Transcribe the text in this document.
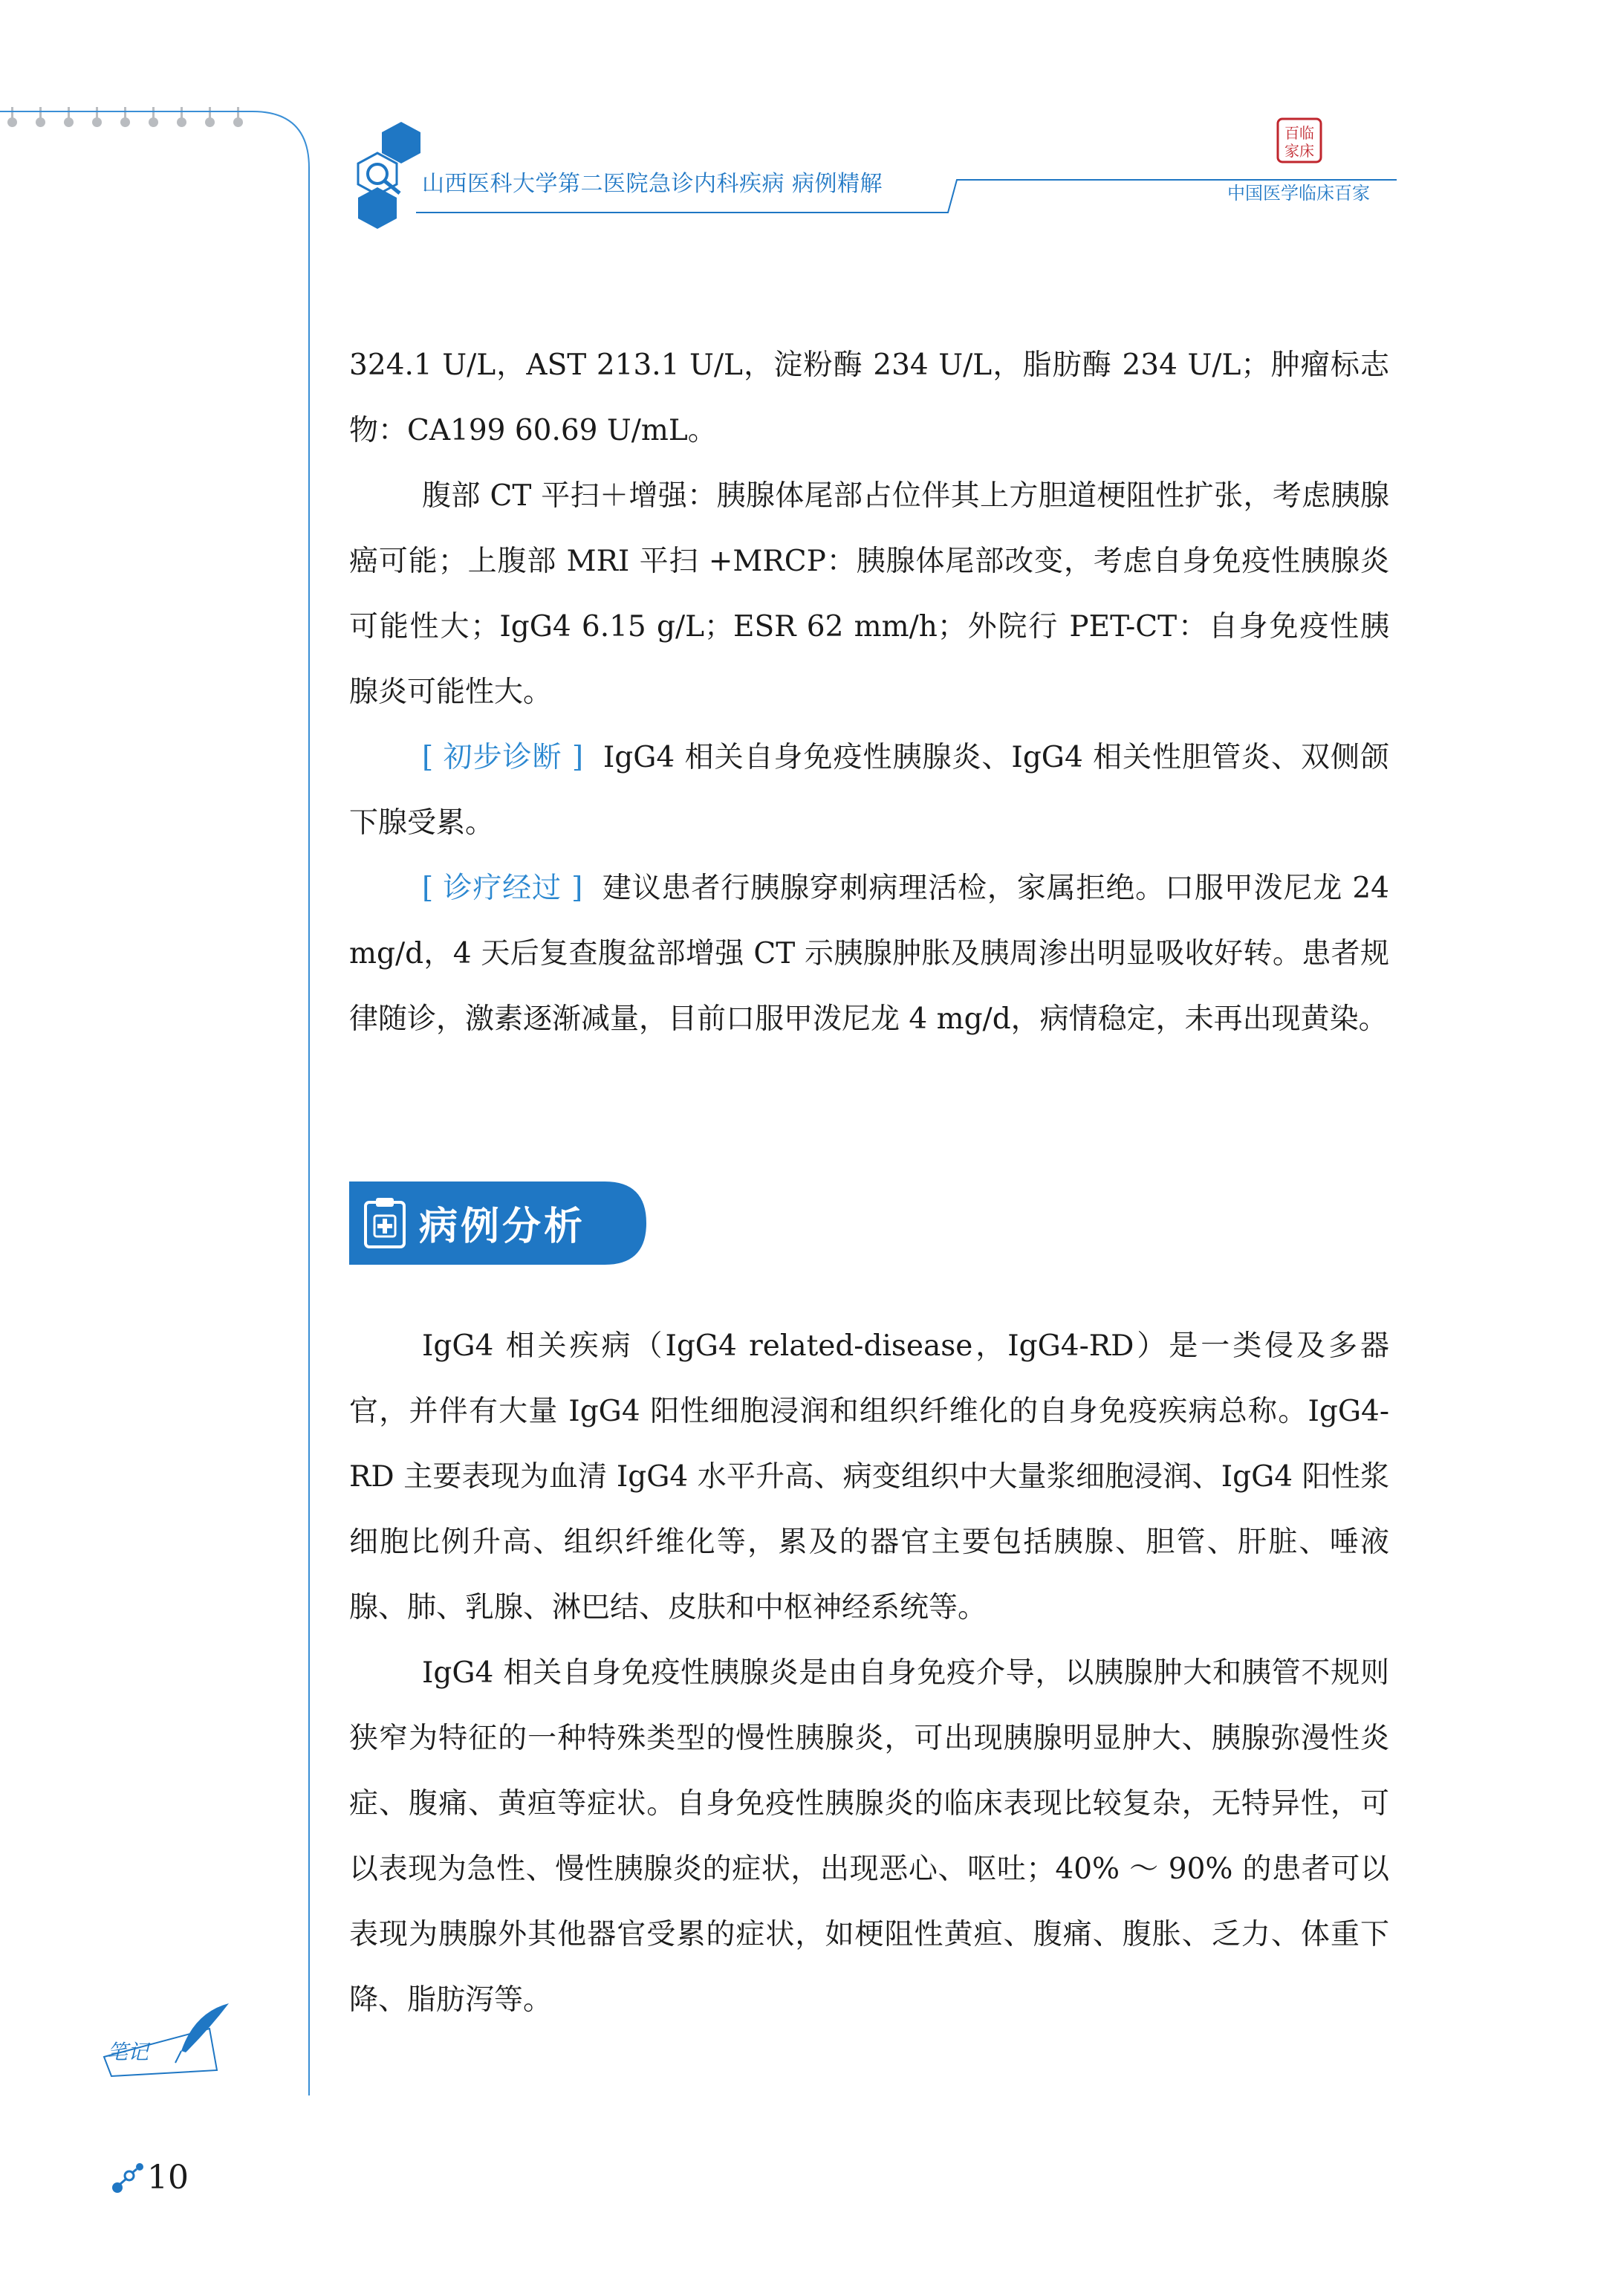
山西医科大学第二医院急诊内科疾病 病例精解
百临
家床
中国医学临床百家

324.1 U/L，AST 213.1 U/L，淀粉酶 234 U/L，脂肪酶 234 U/L；肿瘤标志物：CA199 60.69 U/mL。

腹部 CT 平扫＋增强：胰腺体尾部占位伴其上方胆道梗阻性扩张，考虑胰腺癌可能；上腹部 MRI 平扫 +MRCP：胰腺体尾部改变，考虑自身免疫性胰腺炎可能性大；IgG4 6.15 g/L；ESR 62 mm/h；外院行 PET-CT：自身免疫性胰腺炎可能性大。

[ 初步诊断 ] IgG4 相关自身免疫性胰腺炎、IgG4 相关性胆管炎、双侧颌下腺受累。

[ 诊疗经过 ] 建议患者行胰腺穿刺病理活检，家属拒绝。口服甲泼尼龙 24 mg/d，4 天后复查腹盆部增强 CT 示胰腺肿胀及胰周渗出明显吸收好转。患者规律随诊，激素逐渐减量，目前口服甲泼尼龙 4 mg/d，病情稳定，未再出现黄染。

病例分析

IgG4 相关疾病（IgG4 related-disease，IgG4-RD）是一类侵及多器官，并伴有大量 IgG4 阳性细胞浸润和组织纤维化的自身免疫疾病总称。IgG4-RD 主要表现为血清 IgG4 水平升高、病变组织中大量浆细胞浸润、IgG4 阳性浆细胞比例升高、组织纤维化等，累及的器官主要包括胰腺、胆管、肝脏、唾液腺、肺、乳腺、淋巴结、皮肤和中枢神经系统等。

IgG4 相关自身免疫性胰腺炎是由自身免疫介导，以胰腺肿大和胰管不规则狭窄为特征的一种特殊类型的慢性胰腺炎，可出现胰腺明显肿大、胰腺弥漫性炎症、腹痛、黄疸等症状。自身免疫性胰腺炎的临床表现比较复杂，无特异性，可以表现为急性、慢性胰腺炎的症状，出现恶心、呕吐；40% ～ 90% 的患者可以表现为胰腺外其他器官受累的症状，如梗阻性黄疸、腹痛、腹胀、乏力、体重下降、脂肪泻等。

笔记
10
